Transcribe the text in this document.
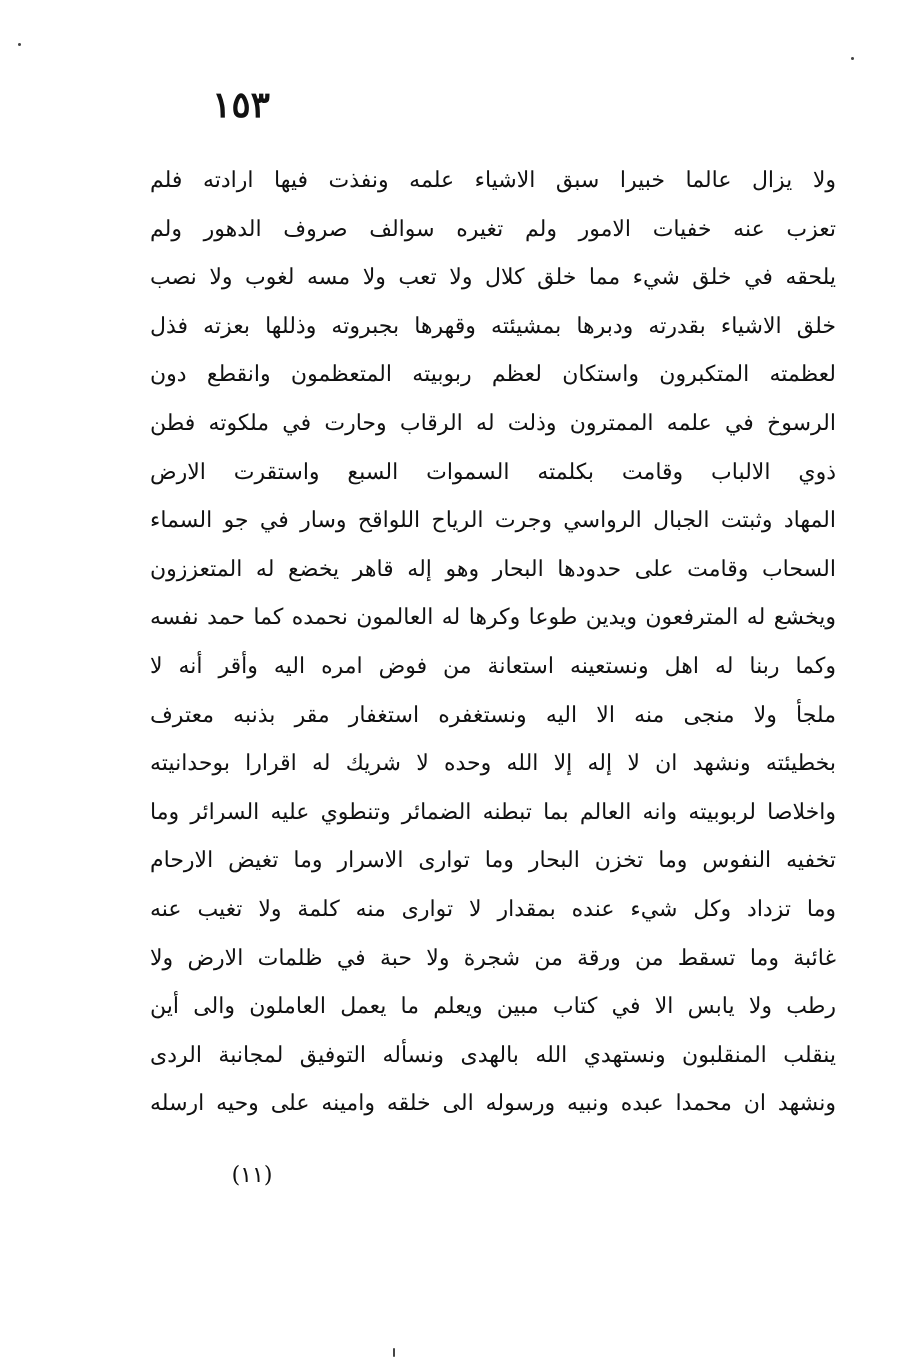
١٥٣
ولا يزال عالما خبيرا سبق الاشياء علمه ونفذت فيها ارادته فلم
تعزب عنه خفيات الامور ولم تغيره سوالف صروف الدهور ولم
يلحقه في خلق شيء مما خلق كلال ولا تعب ولا مسه لغوب ولا نصب
خلق الاشياء بقدرته ودبرها بمشيئته وقهرها بجبروته وذللها بعزته فذل
لعظمته المتكبرون واستكان لعظم ربوبيته المتعظمون وانقطع دون
الرسوخ في علمه الممترون وذلت له الرقاب وحارت في ملكوته فطن
ذوي الالباب وقامت بكلمته السموات السبع واستقرت الارض
المهاد وثبتت الجبال الرواسي وجرت الرياح اللواقح وسار في جو السماء
السحاب وقامت على حدودها البحار وهو إله قاهر يخضع له المتعززون
ويخشع له المترفعون ويدين طوعا وكرها له العالمون نحمده كما حمد نفسه
وكما ربنا له اهل ونستعينه استعانة من فوض امره اليه وأقر أنه لا
ملجأ ولا منجى منه الا اليه ونستغفره استغفار مقر بذنبه معترف
بخطيئته ونشهد ان لا إله إلا الله وحده لا شريك له اقرارا بوحدانيته
واخلاصا لربوبيته وانه العالم بما تبطنه الضمائر وتنطوي عليه السرائر وما
تخفيه النفوس وما تخزن البحار وما توارى الاسرار وما تغيض الارحام
وما تزداد وكل شيء عنده بمقدار لا توارى منه كلمة ولا تغيب عنه
غائبة وما تسقط من ورقة من شجرة ولا حبة في ظلمات الارض ولا
رطب ولا يابس الا في كتاب مبين ويعلم ما يعمل العاملون والى أين
ينقلب المنقلبون ونستهدي الله بالهدى ونسأله التوفيق لمجانبة الردى
ونشهد ان محمدا عبده ونبيه ورسوله الى خلقه وامينه على وحيه ارسله
(١١)
